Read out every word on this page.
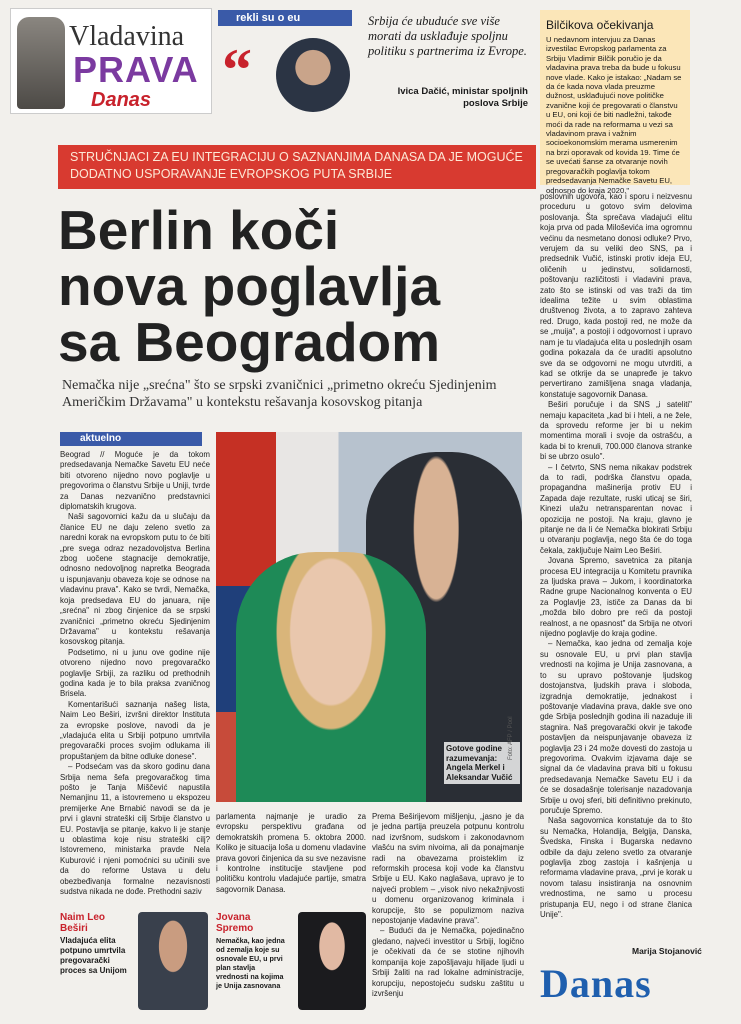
Vladavina
PRAVA
Danas
rekli su o eu
“
Srbija će ubuduće sve više morati da usklađuje spoljnu politiku s partnerima iz Evrope.
Ivica Dačić, ministar spoljnih poslova Srbije
Bilčikova očekivanja

U nedavnom intervjuu za Danas izvestilac Evropskog parlamenta za Srbiju Vladimir Bilčik poručio je da vladavina prava treba da bude u fokusu nove vlade. Kako je istakao: „Nadam se da će kada nova vlada preuzme dužnost, usklađujući nove političke zvanične koji će pregovarati o članstvu u EU, oni koji će biti nadležni, takođe moći da rade na reformama u vezi sa vladavinom prava i važnim socioekonomskim merama usmerenim na brzi oporavak od kovida 19. Time će se uvećati šanse za otvaranje novih pregovaračkih poglavlja tokom predsedavanja Nemačke Savetu EU, odnosno do kraja 2020."

STRUČNJACI ZA EU INTEGRACIJU O SAZNANJIMA DANASA DA JE MOGUĆE DODATNO USPORAVANJE EVROPSKOG PUTA SRBIJE
Berlin koči
nova poglavlja
sa Beogradom
Nemačka nije „srećna" što se srpski zvaničnici „primetno okreću Sjedinjenim Američkim Državama" u kontekstu rešavanja kosovskog pitanja
aktuelno

Beograd // Moguće je da tokom predsedavanja Nemačke Savetu EU neće biti otvoreno nijedno novo poglavlje u pregovorima o članstvu Srbije u Uniji, tvrde za Danas nezvanično predstavnici diplomatskih krugova.

Naši sagovornici kažu da u slučaju da članice EU ne daju zeleno svetlo za naredni korak na evropskom putu to će biti „pre svega odraz nezadovoljstva Berlina zbog uočene stagnacije demokratije, odnosno nedovoljnog napretka Beograda u ispunjavanju obaveza koje se odnose na vladavinu prava". Kako se tvrdi, Nemačka, koja predsedava EU do januara, nije „srećna" ni zbog činjenice da se srpski zvaničnici „primetno okreću Sjedinjenim Državama" u kontekstu rešavanja kosovskog pitanja.

Podsetimo, ni u junu ove godine nije otvoreno nijedno novo pregovaračko poglavlje Srbiji, za razliku od prethodnih godina kada je to bila praksa zvaničnog Brisela.

Komentarišući saznanja našeg lista, Naim Leo Beširi, izvršni direktor Instituta za evropske poslove, navodi da je „vladajuća elita u Srbiji potpuno umrtvila pregovarački proces svojim odlukama ili propuštanjem da bitne odluke donese".

– Podsećam vas da skoro godinu dana Srbija nema šefa pregovaračkog tima pošto je Tanja Miščević napustila Nemanjinu 11, a istovremeno u ekspozeu premijerke Ane Brnabić navodi se da je prvi i glavni strateški cilj Srbije članstvo u EU. Postavlja se pitanje, kakvo li je stanje u oblastima koje nisu strateški cilj? Istovremeno, ministarka pravde Nela Kuburović i njeni pomoćnici su učinili sve da do reforme Ustava u delu obezbeđivanja formalne nezavisnosti sudstva nikada ne dođe. Prethodni saziv

Gotove godine razumevanja: Angela Merkel i Aleksandar Vučić
Foto: AFP / Pool

parlamenta najmanje je uradio za evropsku perspektivu građana od demokratskih promena 5. oktobra 2000. Koliko je situacija loša u domenu vladavine prava govori činjenica da su sve nezavisne i kontrolne institucije stavljene pod političku kontrolu vladajuće partije, smatra sagovornik Danasa.

Prema Beširijevom mišljenju, „jasno je da je jedna partija preuzela potpunu kontrolu nad izvršnom, sudskom i zakonodavnom vlašću na svim nivoima, ali da ponajmanje radi na obavezama proisteklim iz reformskih procesa koji vode ka članstvu Srbije u EU. Kako naglašava, upravo je to najveći problem – „visok nivo nekažnjivosti u domenu organizovanog kriminala i korupcije, što se populizmom naziva nepostojanje vladavine prava".

– Budući da je Nemačka, pojedinačno gledano, najveći investitor u Srbiji, logično je očekivati da će se stotine njihovih kompanija koje zapošljavaju hiljade ljudi u Srbiji žaliti na rad lokalne administracije, korupciju, nepostojeću sudsku zaštitu u izvršenju

Naim Leo Beširi
Vladajuća elita potpuno umrtvila pregovarački proces sa Unijom
Jovana Spremo
Nemačka, kao jedna od zemalja koje su osnovale EU, u prvi plan stavlja vrednosti na kojima je Unija zasnovana

poslovnih ugovora, kao i sporu i neizvesnu proceduru u gotovo svim delovima poslovanja. Šta sprečava vladajući elitu koja prva od pada Miloševića ima ogromnu većinu da nesmetano donosi odluke? Prvo, verujem da su veliki deo SNS, pa i predsednik Vučić, istinski protiv ideja EU, oličenih u jedinstvu, solidarnosti, poštovanju različitosti i vladavini prava, zato što se istinski od vas traži da tim idealima težite u svim oblastima društvenog života, a to zapravo zahteva red. Drugo, kada postoji red, ne može da se „muija", a postoji i odgovornost i upravo nam je tu vladajuća elita u poslednjih osam godina pokazala da će uraditi apsolutno sve da se odgovorni ne mogu utvrditi, a kad se otkrije da se unapređe je takvo pervertirano zamišljena snaga vladanja, konstatuje sagovornik Danasa.

Beširi poručuje i da SNS „i sateliti" nemaju kapaciteta „kad bi i hteli, a ne žele, da sprovedu reforme jer bi u nekim momentima morali i svoje da ostrašću, a kada bi to krenuli, 700.000 članova stranke bi se ubrzo osulo".

– I četvrto, SNS nema nikakav podstrek da to radi, podrška članstvu opada, propagandna mašinerija protiv EU i Zapada daje rezultate, ruski uticaj se širi, Kinezi ulažu netransparentan novac i opozicija ne postoji. Na kraju, glavno je pitanje ne da li će Nemačka blokirati Srbiju u otvaranju poglavlja, nego šta će do toga čekala, zaključuje Naim Leo Beširi.

Jovana Spremo, savetnica za pitanja procesa EU integracija u Komitetu pravnika za ljudska prava – Jukom, i koordinatorka Radne grupe Nacionalnog konventa o EU za Poglavlje 23, ističe za Danas da bi „možda bilo dobro pre reći da postoji realnost, a ne opasnost" da Srbija ne otvori nijedno poglavlje do kraja godine.

– Nemačka, kao jedna od zemalja koje su osnovale EU, u prvi plan stavlja vrednosti na kojima je Unija zasnovana, a to su upravo poštovanje ljudskog dostojanstva, ljudskih prava i sloboda, izgradnja demokratije, jednakost i poštovanje vladavina prava, dakle sve ono gde Srbija poslednjih godina ili nazaduje ili stagnira. Naš pregovarački okvir je takođe postavljen da neispunjavanje obaveza iz poglavlja 23 i 24 može dovesti do zastoja u pregovorima. Ovakvim izjavama daje se signal da će vladavina prava biti u fokusu predsedavanja Nemačke Savetu EU i da će se dosadašnje tolerisanje nazadovanja Srbije u ovoj sferi, biti definitivno prekinuto, poručuje Spremo.

Naša sagovornica konstatuje da to što su Nemačka, Holandija, Belgija, Danska, Švedska, Finska i Bugarska nedavno odbile da daju zeleno svetlo za otvaranje poglavlja zbog zastoja i kašnjenja u reformama vladavine prava, „prvi je korak u novom talasu insistiranja na osnovnim vrednostima, ne samo u procesu pristupanja EU, nego i od strane članica Unije".

Marija Stojanović
Danas
